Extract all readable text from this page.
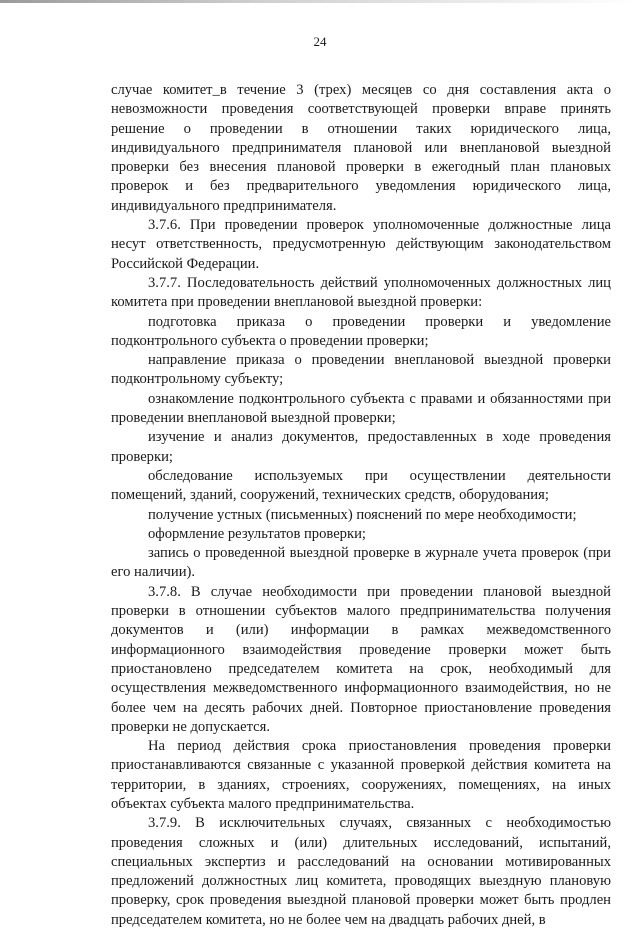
24

случае комитет_в течение 3 (трех) месяцев со дня составления акта о невозможности проведения соответствующей проверки вправе принять решение о проведении в отношении таких юридического лица, индивидуального предпринимателя плановой или внеплановой выездной проверки без внесения плановой проверки в ежегодный план плановых проверок и без предварительного уведомления юридического лица, индивидуального предпринимателя.

3.7.6. При проведении проверок уполномоченные должностные лица несут ответственность, предусмотренную действующим законодательством Российской Федерации.

3.7.7. Последовательность действий уполномоченных должностных лиц комитета при проведении внеплановой выездной проверки:

подготовка приказа о проведении проверки и уведомление подконтрольного субъекта о проведении проверки;

направление приказа о проведении внеплановой выездной проверки подконтрольному субъекту;

ознакомление подконтрольного субъекта с правами и обязанностями при проведении внеплановой выездной проверки;

изучение и анализ документов, предоставленных в ходе проведения проверки;

обследование используемых при осуществлении деятельности помещений, зданий, сооружений, технических средств, оборудования;

получение устных (письменных) пояснений по мере необходимости;

оформление результатов проверки;

запись о проведенной выездной проверке в журнале учета проверок (при его наличии).

3.7.8. В случае необходимости при проведении плановой выездной проверки в отношении субъектов малого предпринимательства получения документов и (или) информации в рамках межведомственного информационного взаимодействия проведение проверки может быть приостановлено председателем комитета на срок, необходимый для осуществления межведомственного информационного взаимодействия, но не более чем на десять рабочих дней. Повторное приостановление проведения проверки не допускается.

На период действия срока приостановления проведения проверки приостанавливаются связанные с указанной проверкой действия комитета на территории, в зданиях, строениях, сооружениях, помещениях, на иных объектах субъекта малого предпринимательства.

3.7.9. В исключительных случаях, связанных с необходимостью проведения сложных и (или) длительных исследований, испытаний, специальных экспертиз и расследований на основании мотивированных предложений должностных лиц комитета, проводящих выездную плановую проверку, срок проведения выездной плановой проверки может быть продлен председателем комитета, но не более чем на двадцать рабочих дней, в
